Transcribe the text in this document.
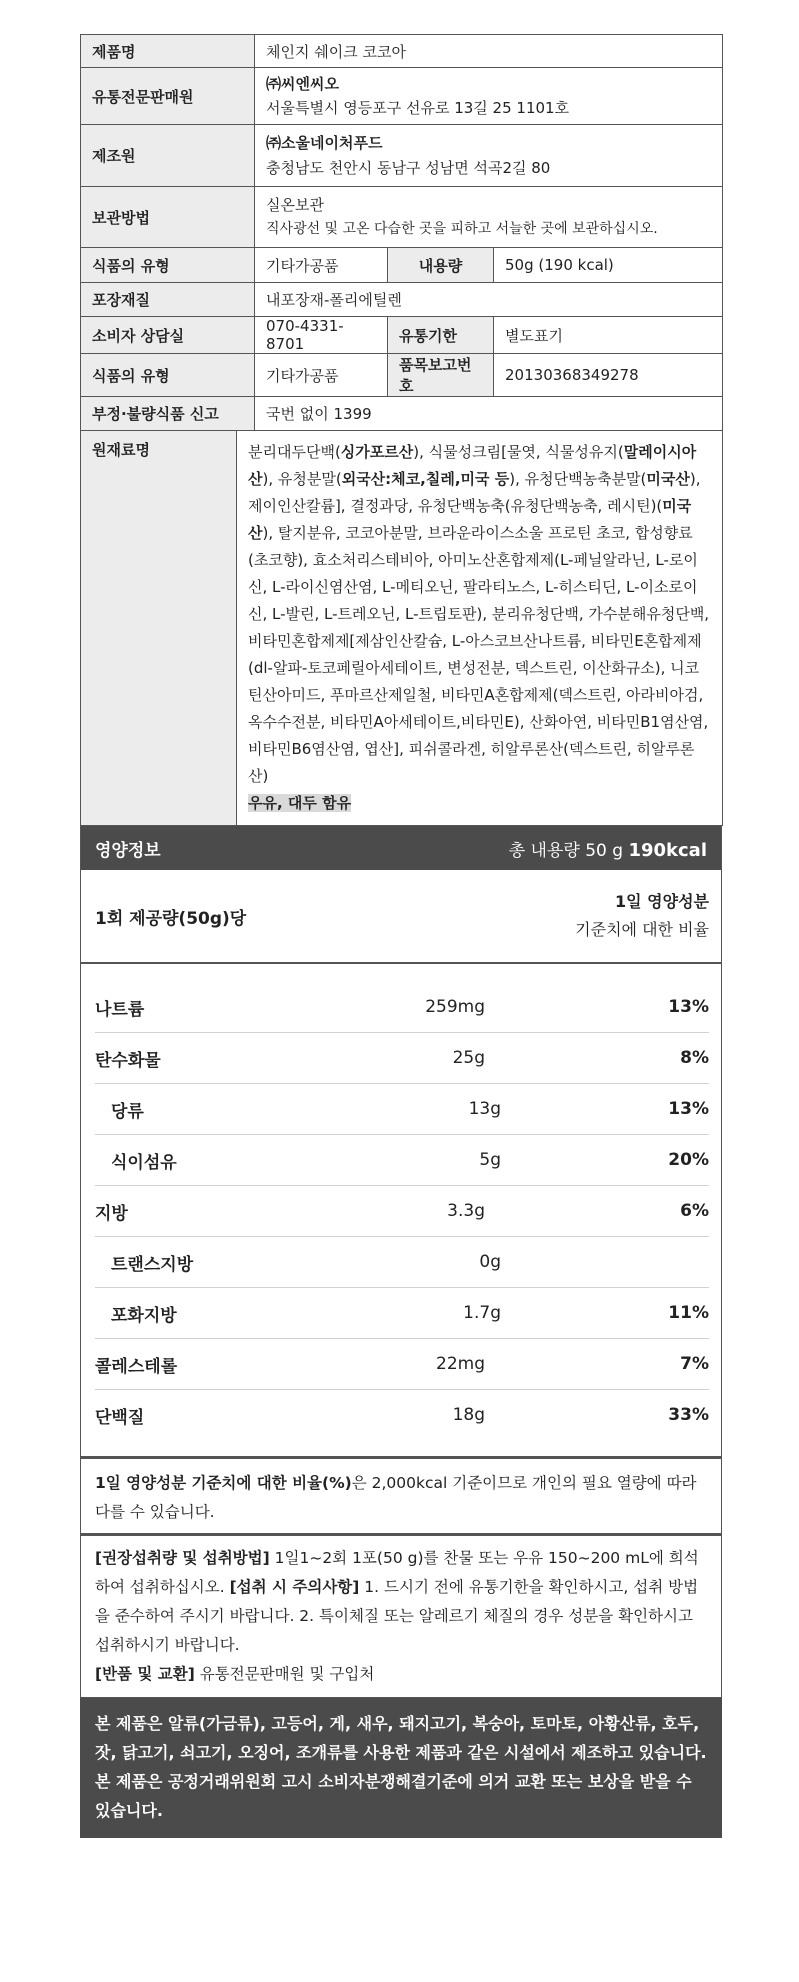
제품명		체인지 쉐이크 코코아		
유통전문판매원		㈜씨엔씨오
서울특별시 영등포구 선유로 13길 25 1101호		

제조원		㈜소울네이처푸드
충청남도 천안시 동남구 성남면 석곡2길 80		

보관방법		실온보관
직사광선 및 고온 다습한 곳을 피하고 서늘한 곳에 보관하십시오.		

식품의 유형		기타가공품	내용량	50g (190 kcal)
포장재질		내포장재-폴리에틸렌		
소비자 상담실		070-4331-8701	유통기한	별도표기
식품의 유형		기타가공품	품목보고번호	20130368349278
부정·불량식품 신고		국번 없이 1399		
원재료명	분리대두단백(싱가포르산), 식물성크림[물엿, 식물성유지(말레이시아산), 유청분말(외국산:체코,칠레,미국 등), 유청단백농축분말(미국산), 제이인산칼륨], 결정과당, 유청단백농축(유청단백농축, 레시틴)(미국산), 탈지분유, 코코아분말, 브라운라이스소울 프로틴 초코, 합성향료(초코향), 효소처리스테비아, 아미노산혼합제제(L-페닐알라닌, L-로이신, L-라이신염산염, L-메티오닌, 팔라티노스, L-히스티딘, L-이소로이신, L-발린, L-트레오닌, L-트립토판), 분리유청단백, 가수분해유청단백, 비타민혼합제제[제삼인산칼슘, L-아스코브산나트륨, 비타민E혼합제제(dl-알파-토코페릴아세테이트, 변성전분, 덱스트린, 이산화규소), 니코틴산아미드, 푸마르산제일철, 비타민A혼합제제(덱스트린, 아라비아검, 옥수수전분, 비타민A아세테이트,비타민E), 산화아연, 비타민B1염산염, 비타민B6염산염, 엽산], 피쉬콜라겐, 히알루론산(덱스트린, 히알루론산)
우유, 대두 함유			
영양정보	총 내용량 50 g 190kcal
1회 제공량(50g)당
1일 영양성분
기준치에 대한 비율
나트륨	259mg	13%
탄수화물	25g	8%
당류	13g	13%
식이섬유	5g	20%
지방	3.3g	6%
트랜스지방	0g
포화지방	1.7g	11%
콜레스테롤	22mg	7%
단백질	18g	33%
1일 영양성분 기준치에 대한 비율(%)은 2,000kcal 기준이므로 개인의 필요 열량에 따라 다를 수 있습니다.
[권장섭취량 및 섭취방법] 1일1~2회 1포(50 g)를 찬물 또는 우유 150~200 mL에 희석하여 섭취하십시오. [섭취 시 주의사항] 1. 드시기 전에 유통기한을 확인하시고, 섭취 방법을 준수하여 주시기 바랍니다. 2. 특이체질 또는 알레르기 체질의 경우 성분을 확인하시고 섭취하시기 바랍니다.
[반품 및 교환] 유통전문판매원 및 구입처
본 제품은 알류(가금류), 고등어, 게, 새우, 돼지고기, 복숭아, 토마토, 아황산류, 호두, 잣, 닭고기, 쇠고기, 오징어, 조개류를 사용한 제품과 같은 시설에서 제조하고 있습니다.
본 제품은 공정거래위원회 고시 소비자분쟁해결기준에 의거 교환 또는 보상을 받을 수 있습니다.
